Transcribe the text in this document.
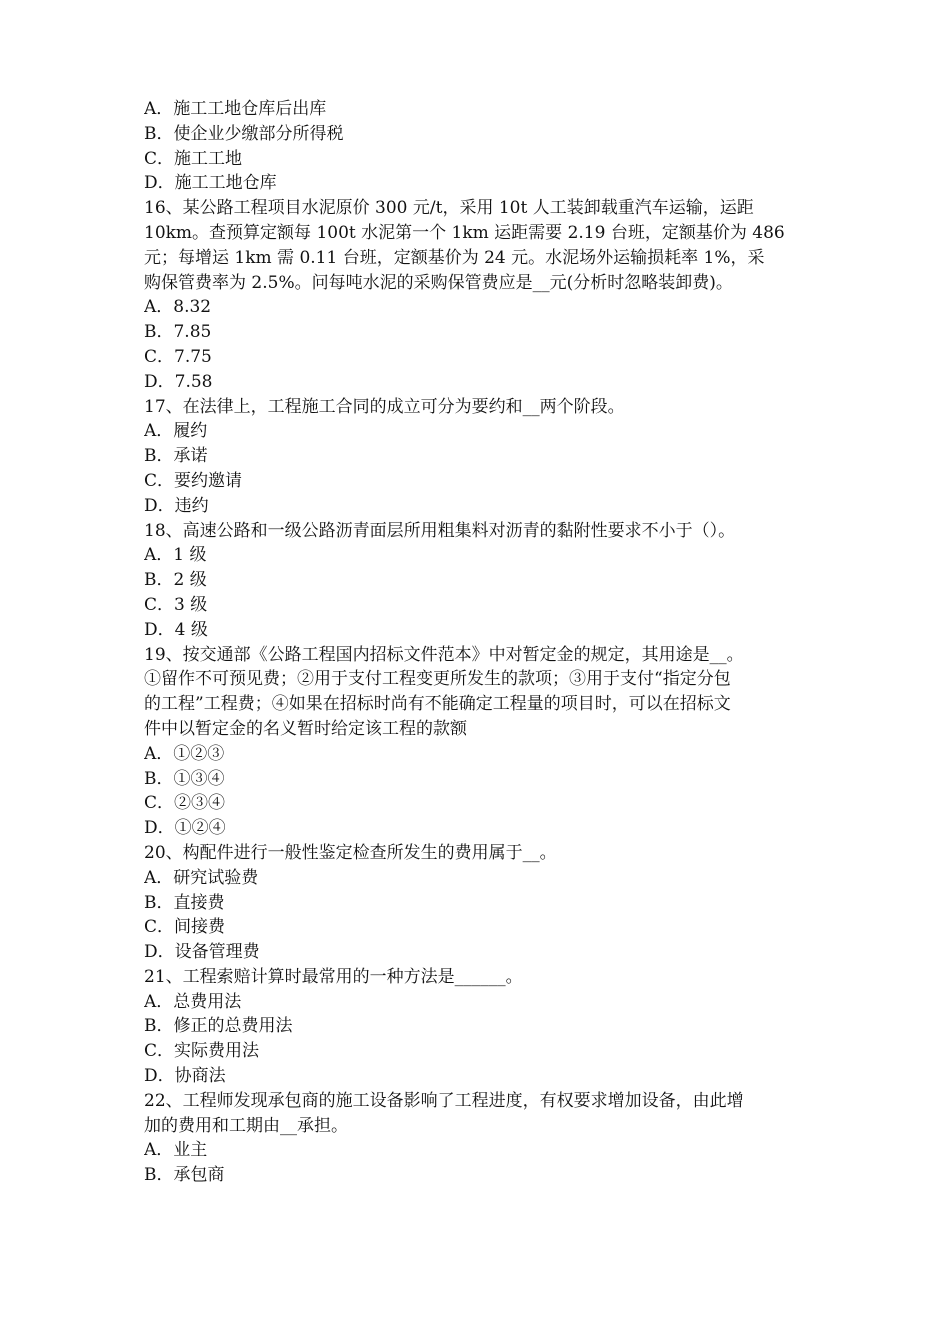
A．施工工地仓库后出库
B．使企业少缴部分所得税
C．施工工地
D．施工工地仓库
16、某公路工程项目水泥原价 300 元/t，采用 10t 人工装卸载重汽车运输，运距
10km。查预算定额每 100t 水泥第一个 1km 运距需要 2.19 台班，定额基价为 486
元；每增运 1km 需 0.11 台班，定额基价为 24 元。水泥场外运输损耗率 1%，采
购保管费率为 2.5%。问每吨水泥的采购保管费应是__元(分析时忽略装卸费)。
A．8.32
B．7.85
C．7.75
D．7.58
17、在法律上，工程施工合同的成立可分为要约和__两个阶段。
A．履约
B．承诺
C．要约邀请
D．违约
18、高速公路和一级公路沥青面层所用粗集料对沥青的黏附性要求不小于（）。
A．1 级
B．2 级
C．3 级
D．4 级
19、按交通部《公路工程国内招标文件范本》中对暂定金的规定，其用途是__。
①留作不可预见费；②用于支付工程变更所发生的款项；③用于支付“指定分包
的工程”工程费；④如果在招标时尚有不能确定工程量的项目时，可以在招标文
件中以暂定金的名义暂时给定该工程的款额
A．①②③
B．①③④
C．②③④
D．①②④
20、构配件进行一般性鉴定检查所发生的费用属于__。
A．研究试验费
B．直接费
C．间接费
D．设备管理费
21、工程索赔计算时最常用的一种方法是______。
A．总费用法
B．修正的总费用法
C．实际费用法
D．协商法
22、工程师发现承包商的施工设备影响了工程进度，有权要求增加设备，由此增
加的费用和工期由__承担。
A．业主
B．承包商
